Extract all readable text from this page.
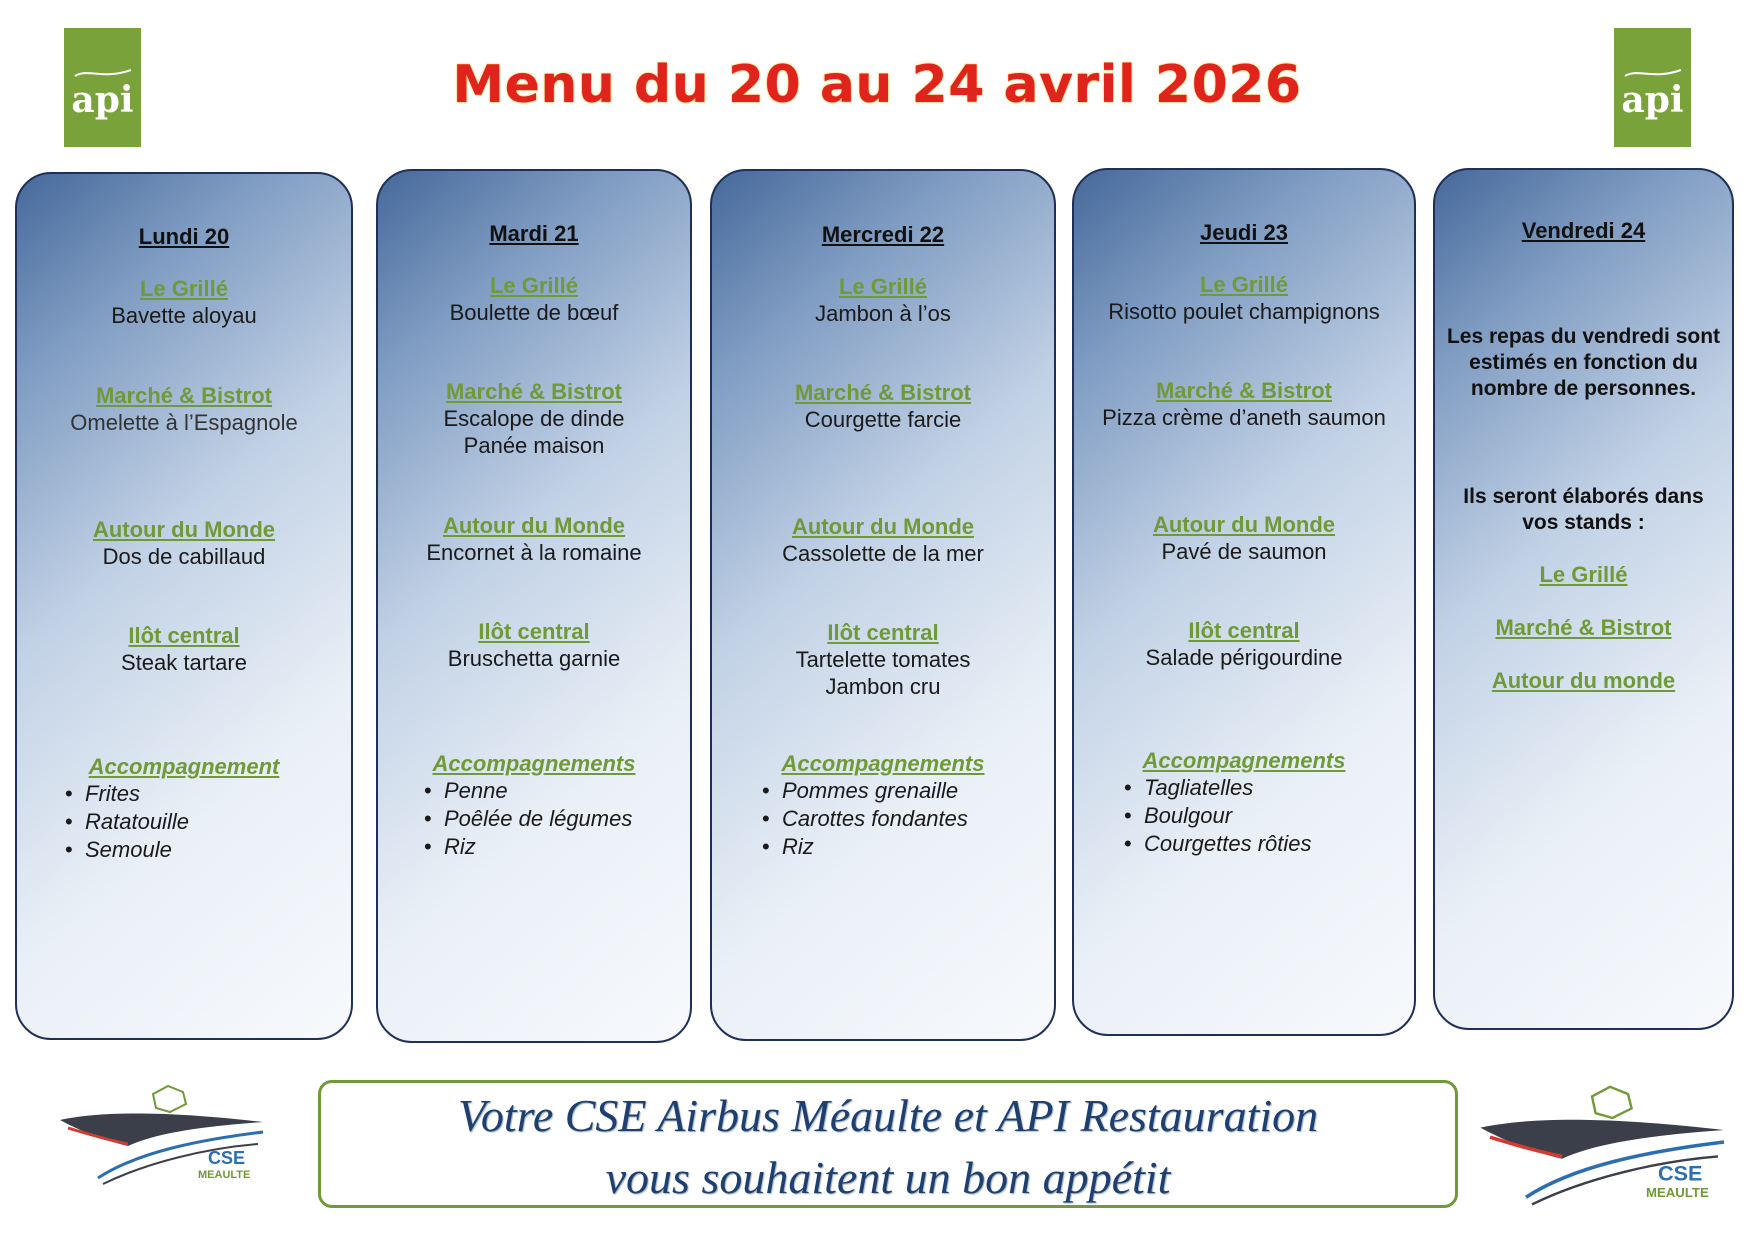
api	api
Menu du 20 au 24 avril 2026
Lundi 20
Le Grillé
Bavette aloyau
Marché & Bistrot
Omelette à l’Espagnole
Autour du Monde
Dos de cabillaud
Ilôt central
Steak tartare
Accompagnement
• Frites
• Ratatouille
• Semoule
Mardi 21
Le Grillé
Boulette de bœuf
Marché & Bistrot
Escalope de dinde
Panée maison
Autour du Monde
Encornet à la romaine
Ilôt central
Bruschetta garnie
Accompagnements
• Penne
• Poêlée de légumes
• Riz
Mercredi 22
Le Grillé
Jambon à l’os
Marché & Bistrot
Courgette farcie
Autour du Monde
Cassolette de la mer
Ilôt central
Tartelette tomates
Jambon cru
Accompagnements
• Pommes grenaille
• Carottes fondantes
• Riz
Jeudi 23
Le Grillé
Risotto poulet champignons
Marché & Bistrot
Pizza crème d’aneth saumon
Autour du Monde
Pavé de saumon
Ilôt central
Salade périgourdine
Accompagnements
• Tagliatelles
• Boulgour
• Courgettes rôties
Vendredi 24
Les repas du vendredi sont estimés en fonction du nombre de personnes.
Ils seront élaborés dans vos stands :
Le Grillé
Marché & Bistrot
Autour du monde
CSE
MEAULTE	CSE
MEAULTE
Votre CSE Airbus Méaulte et API Restauration
vous souhaitent un bon appétit
